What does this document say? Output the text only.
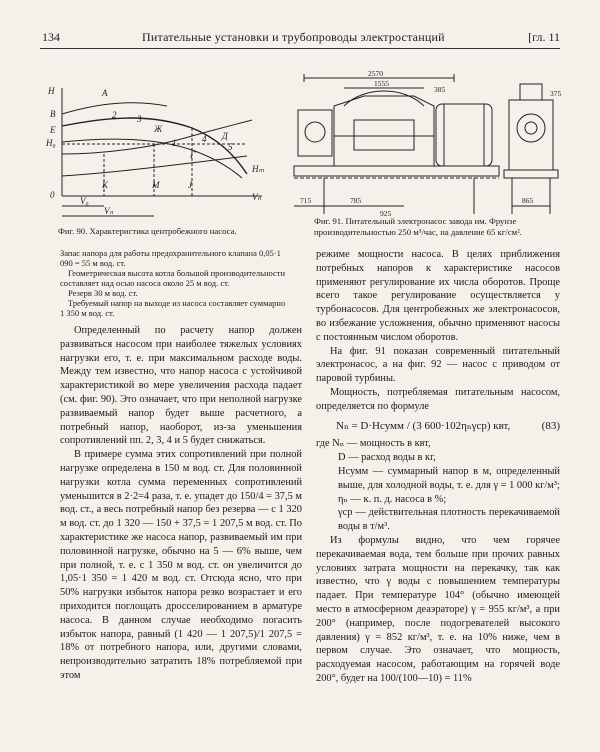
134	Питательные установки и трубопроводы электростанций	[гл. 11
H
B
E
H₀
0
A
2 3
1	4
5
Д
Г
Ж
Hₘ
К	М	J
Vₙ
V₀
Vₙ
Фиг. 90. Характеристика центробежного насоса.
2570
1555
385
715	785
925
865
375
Фиг. 91. Питательный электронасос завода им. Фрунзе производительностью 250 м³/час, на давление 65 кг/см².
Запас напора для работы предохранительного клапана 0,05·1 090 = 55 м вод. ст.
Геометрическая высота котла большой производительности составляет над осью насоса около 25 м вод. ст.
Резерв 30 м вод. ст.
Требуемый напор на выходе из насоса составляет суммарно 1 350 м вод. ст.

Определенный по расчету напор должен развиваться насосом при наиболее тяжелых условиях нагрузки его, т. е. при максимальном расходе воды. Между тем известно, что напор насоса с устойчивой характеристикой во мере увеличения расхода падает (см. фиг. 90). Это означает, что при неполной нагрузке развиваемый напор будет выше расчетного, а потребный напор, наоборот, из-за уменьшения сопротивлений пп. 2, 3, 4 и 5 будет снижаться.

В примере сумма этих сопротивлений при полной нагрузке определена в 150 м вод. ст. Для половинной нагрузки котла сумма переменных сопротивлений уменьшится в 2·2=4 раза, т. е. упадет до 150/4 = 37,5 м вод. ст., а весь потребный напор без резерва — с 1 320 м вод. ст. до 1 320 — 150 + 37,5 = 1 207,5 м вод. ст. По характеристике же насоса напор, развиваемый им при половинной нагрузке, обычно на 5 — 6% выше, чем при полной, т. е. с 1 350 м вод. ст. он увеличится до 1,05·1 350 = 1 420 м вод. ст. Отсюда ясно, что при 50% нагрузки избыток напора резко возрастает и его приходится поглощать дросселированием в арматуре насоса. В данном случае необходимо погасить избыток напора, равный (1 420 — 1 207,5)/1 207,5 = 18% от потребного напора, или, другими словами, непроизводительно затратить 18% потребляемой при этом

режиме мощности насоса. В целях приближения потребных напоров к характеристике насосов применяют регулирование их числа оборотов. Проще всего такое регулирование осуществляется у турбонасосов. Для центробежных же электронасосов, во избежание усложнения, обычно применяют насосы с постоянным числом оборотов.

На фиг. 91 показан современный питательный электронасос, а на фиг. 92 — насос с приводом от паровой турбины.

Мощность, потребляемая питательным насосом, определяется по формуле

Nₙ = D·Hсумм / (3 600·102ηₙγср) квт,	(83)
где Nₙ — мощность в квт,
D — расход воды в кг,
Hсумм — суммарный напор в м, определенный выше, для холодной воды, т. е. для γ = 1 000 кг/м³;
ηₙ — к. п. д. насоса в %;
γср — действительная плотность перекачиваемой воды в т/м³.

Из формулы видно, что чем горячее перекачиваемая вода, тем больше при прочих равных условиях затрата мощности на перекачку, так как известно, что γ воды с повышением температуры падает. При температуре 104° (обычно имеющей место в атмосферном деаэраторе) γ = 955 кг/м³, а при 200° (например, после подогревателей высокого давления) γ = 852 кг/м³, т. е. на 10% ниже, чем в первом случае. Это означает, что мощность, расходуемая насосом, работающим на горячей воде 200°, будет на 100/(100—10) = 11%
